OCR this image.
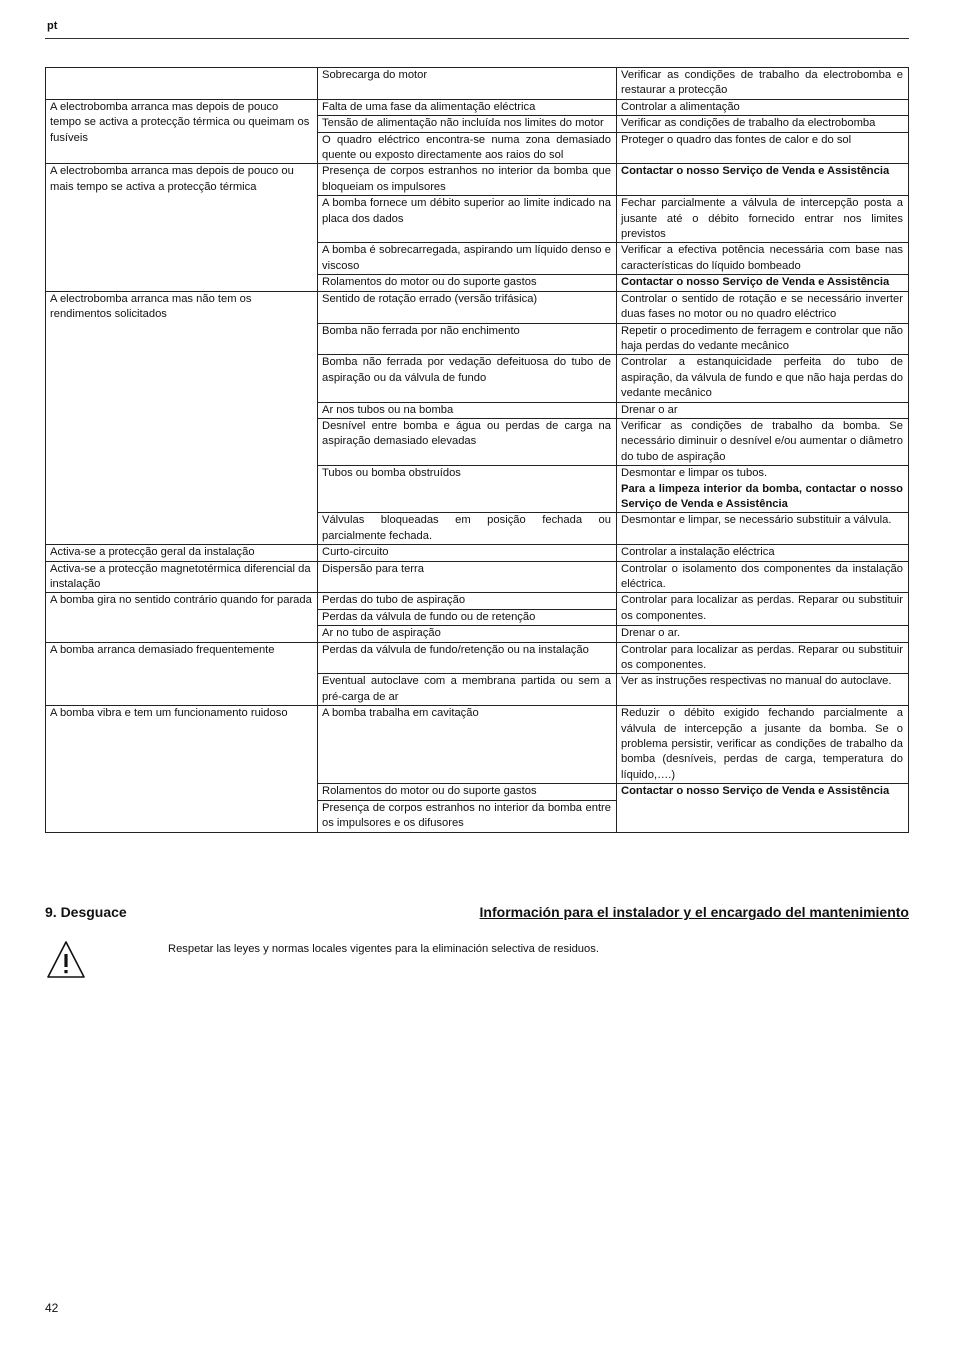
pt
	Sobrecarga do motor	Verificar as condições de trabalho da electrobomba e restaurar a protecção
A electrobomba arranca mas depois de pouco tempo se activa a protecção térmica ou queimam os fusíveis	Falta de uma fase da alimentação eléctrica	Controlar a alimentação
	Tensão de alimentação não incluída nos limites do motor	Verificar as condições de trabalho da electrobomba
	O quadro eléctrico encontra-se numa zona demasiado quente ou exposto directamente aos raios do sol	Proteger o quadro das fontes de calor e do sol
A electrobomba arranca mas depois de pouco ou mais tempo se activa a protecção térmica	Presença de corpos estranhos no interior da bomba que bloqueiam os impulsores	Contactar o nosso Serviço de Venda e Assistência
	A bomba fornece um débito superior ao limite indicado na placa dos dados	Fechar parcialmente a válvula de intercepção posta a jusante até o débito fornecido entrar nos limites previstos
	A bomba é sobrecarregada, aspirando um líquido denso e viscoso	Verificar a efectiva potência necessária com base nas características do líquido bombeado
	Rolamentos do motor ou do suporte gastos	Contactar o nosso Serviço de Venda e Assistência
A electrobomba arranca mas não tem os rendimentos solicitados	Sentido de rotação errado (versão trifásica)	Controlar o sentido de rotação e se necessário inverter duas fases no motor ou no quadro eléctrico
	Bomba não ferrada por não enchimento	Repetir o procedimento de ferragem e controlar que não haja perdas do vedante mecânico
	Bomba não ferrada por vedação defeituosa do tubo de aspiração ou da válvula de fundo	Controlar a estanquicidade perfeita do tubo de aspiração, da válvula de fundo e que não haja perdas do vedante mecânico
	Ar nos tubos ou na bomba	Drenar o ar
	Desnível entre bomba e água ou perdas de carga na aspiração demasiado elevadas	Verificar as condições de trabalho da bomba. Se necessário diminuir o desnível e/ou aumentar o diâmetro do tubo de aspiração
	Tubos ou bomba obstruídos	Desmontar e limpar os tubos.
Para a limpeza interior da bomba, contactar o nosso Serviço de Venda e Assistência

	Válvulas bloqueadas em posição fechada ou parcialmente fechada.	Desmontar e limpar, se necessário substituir a válvula.
Activa-se a protecção geral da instalação	Curto-circuito	Controlar a instalação eléctrica
Activa-se a protecção magnetotérmica diferencial da instalação	Dispersão para terra	Controlar o isolamento dos componentes da instalação eléctrica.
A bomba gira no sentido contrário quando for parada	Perdas do tubo de aspiração	Controlar para localizar as perdas. Reparar ou substituir os componentes.
	Perdas da válvula de fundo ou de retenção	
	Ar no tubo de aspiração	Drenar o ar.
A bomba arranca demasiado frequentemente	Perdas da válvula de fundo/retenção ou na instalação	Controlar para localizar as perdas. Reparar ou substituir os componentes.
	Eventual autoclave com a membrana partida ou sem a pré-carga de ar	Ver as instruções respectivas no manual do autoclave.
A bomba vibra e tem um funcionamento ruidoso	A bomba trabalha em cavitação	Reduzir o débito exigido fechando parcialmente a válvula de intercepção a jusante da bomba. Se o problema persistir, verificar as condições de trabalho da bomba (desníveis, perdas de carga, temperatura do líquido,….)
	Rolamentos do motor ou do suporte gastos	Contactar o nosso Serviço de Venda e Assistência
	Presença de corpos estranhos no interior da bomba entre os impulsores e os difusores	
9. Desguace	Información para el instalador y el encargado del mantenimiento
Respetar las leyes y normas locales vigentes para la eliminación selectiva de residuos.
42
